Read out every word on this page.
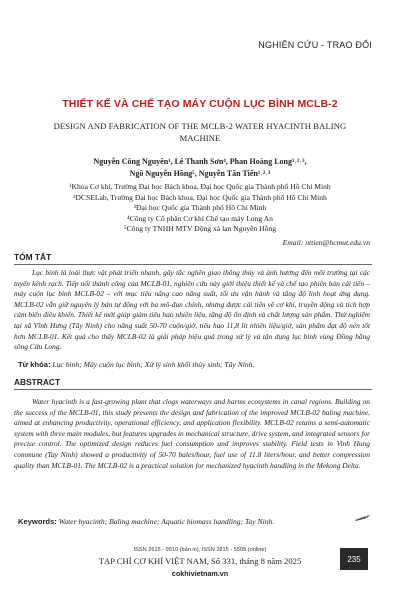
NGHIÊN CỨU - TRAO ĐỔI
THIẾT KẾ VÀ CHẾ TẠO MÁY CUỘN LỤC BÌNH MCLB-2
DESIGN AND FABRICATION OF THE MCLB-2 WATER HYACINTH BALING
MACHINE
Nguyễn Công Nguyên¹, Lê Thanh Sơn⁴, Phan Hoàng Long¹˒²˒³,
Ngô Nguyễn Hồng⁵, Nguyễn Tấn Tiến¹˒²˒³
¹Khoa Cơ khí, Trường Đại học Bách khoa, Đại học Quốc gia Thành phố Hồ Chí Minh
²DCSELab, Trường Đại học Bách khoa, Đại học Quốc gia Thành phố Hồ Chí Minh
³Đại học Quốc gia Thành phố Hồ Chí Minh
⁴Công ty Cổ phần Cơ khí Chế tạo máy Long An
⁵Công ty TNHH MTV Động xà lan Nguyễn Hồng
Email: nttien@hcmut.edu.vn
TÓM TẮT

Lục bình là loài thực vật phát triển nhanh, gây tắc nghẽn giao thông thủy và ảnh hưởng đến môi trường tại các tuyến kênh rạch. Tiếp nối thành công của MCLB-01, nghiên cứu này giới thiệu thiết kế và chế tạo phiên bản cải tiến – máy cuộn lục bình MCLB-02 – với mục tiêu nâng cao năng suất, tối ưu vận hành và tăng độ linh hoạt ứng dụng. MCLB-02 vẫn giữ nguyên lý bán tự động với ba mô-đun chính, nhưng được cải tiến về cơ khí, truyền động và tích hợp cảm biến điều khiển. Thiết kế mới giúp giảm tiêu hao nhiên liệu, tăng độ ổn định và chất lượng sản phẩm. Thử nghiệm tại xã Vĩnh Hưng (Tây Ninh) cho năng suất 50-70 cuộn/giờ, tiêu hao 11,8 lít nhiên liệu/giờ, sản phẩm đạt độ nén tốt hơn MCLB-01. Kết quả cho thấy MCLB-02 là giải pháp hiệu quả trong xử lý và tận dụng lục bình vùng Đồng bằng sông Cửu Long.

Từ khóa: Lục bình; Máy cuộn lục bình; Xử lý sinh khối thủy sinh; Tây Ninh.
ABSTRACT

Water hyacinth is a fast-growing plant that clogs waterways and harms ecosystems in canal regions. Building on the success of the MCLB-01, this study presents the design and fabrication of the improved MCLB-02 baling machine, aimed at enhancing productivity, operational efficiency, and application flexibility. MCLB-02 retains a semi-automatic system with three main modules, but features upgrades in mechanical structure, drive system, and integrated sensors for precise control. The optimized design reduces fuel consumption and improves stability. Field tests in Vinh Hung commune (Tay Ninh) showed a productivity of 50-70 bales/hour, fuel use of 11.8 liters/hour, and better compression quality than MCLB-01. The MCLB-02 is a practical solution for mechanized hyacinth handling in the Mekong Delta.

Keywords: Water hyacinth; Baling machine; Aquatic biomass handling; Tay Ninh.
ISSN 2615 - 9910 (bản in), ISSN 2815 - 5505 (online)
TẠP CHÍ CƠ KHÍ VIỆT NAM, Số 331, tháng 8 năm 2025
cokhivietnam.vn
235
